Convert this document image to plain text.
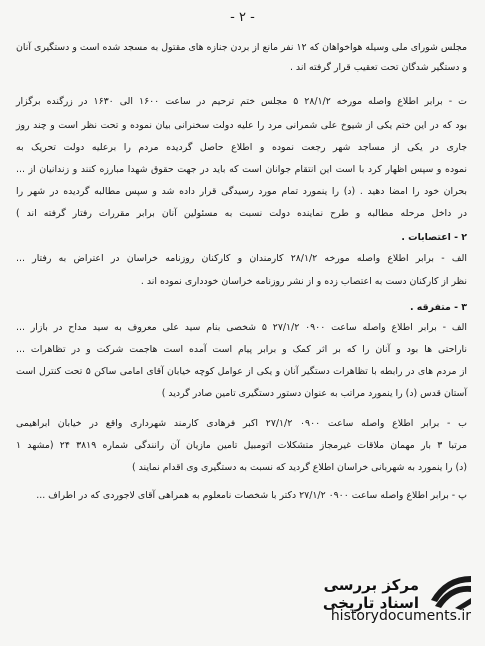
- ۲ -
مجلس شورای ملی وسیله هواخواهان که ۱۲ نفر مانع از بردن جنازه های مقتول به مسجد شده است و دستگیری آنان
و دستگیر شدگان تحت تعقیب قرار گرفته اند .
ت - برابر اطلاع واصله مورخه ۲۸/۱/۲ ۵ مجلس ختم ترحیم در ساعت ۱۶۰۰ الی ۱۶۳۰ در زرگنده برگزار
بود که در این ختم یکی از شیوخ علی شمرانی مرد را علیه دولت سخنرانی بیان نموده و تحت نظر است و چند روز
جاری در یکی از مساجد شهر رجعت نموده و اطلاع حاصل گردیده مردم را برعلیه دولت تحریک به
نموده و سپس اظهار کرد با است این انتقام جوانان است که باید در جهت حقوق شهدا مبارزه کنند و زندانیان از ...
بحران خود را امضا دهید . (د) را ینمورد تمام مورد رسیدگی قرار داده شد و سپس مطالبه گردیده در شهر را
در داخل مرحله مطالبه و طرح نماینده دولت نسبت به مسئولین آنان برابر مقررات رفتار گرفته اند )
۲ - اعتصابات .
الف - برابر اطلاع واصله مورخه ۲۸/۱/۲ کارمندان و کارکنان روزنامه خراسان در اعتراض به رفتار ...
نظر از کارکنان دست به اعتصاب زده و از نشر روزنامه خراسان خودداری نموده اند .
۳ - متفرقه .
الف - برابر اطلاع واصله ساعت ۰۹۰۰ ۲۷/۱/۲ ۵ شخصی بنام سید علی معروف به سید مداح در بازار ...
ناراحتی ها بود و آنان را که بر اثر کمک و برابر پیام است آمده است هاجمت شرکت و در تظاهرات ...
از مردم های در رابطه با تظاهرات دستگیر آنان و یکی از عوامل کوچه خیابان آقای امامی ساکن ۵ تحت کنترل است
آستان قدس (د) را ینمورد مراتب به عنوان دستور دستگیری تامین صادر گردید )
ب - برابر اطلاع واصله ساعت ۰۹۰۰ ۲۷/۱/۲ اکبر فرهادی کارمند شهرداری واقع در خیابان ابراهیمی
مرتبا ۳ بار مهمان ملاقات غیرمجاز متشکلات اتومبیل تامین مازیان آن رانندگی شماره ۳۸۱۹ ۲۴ (مشهد ۱
(د) را ینمورد به شهربانی خراسان اطلاع گردید که نسبت به دستگیری وی اقدام نمایند )
پ - برابر اطلاع واصله ساعت ۰۹۰۰ ۲۷/۱/۲ دکتر با شخصات نامعلوم به همراهی آقای لاجوردی که در اطراف ...
مرکز بررسی اسناد تاریخی
historydocuments.ir
